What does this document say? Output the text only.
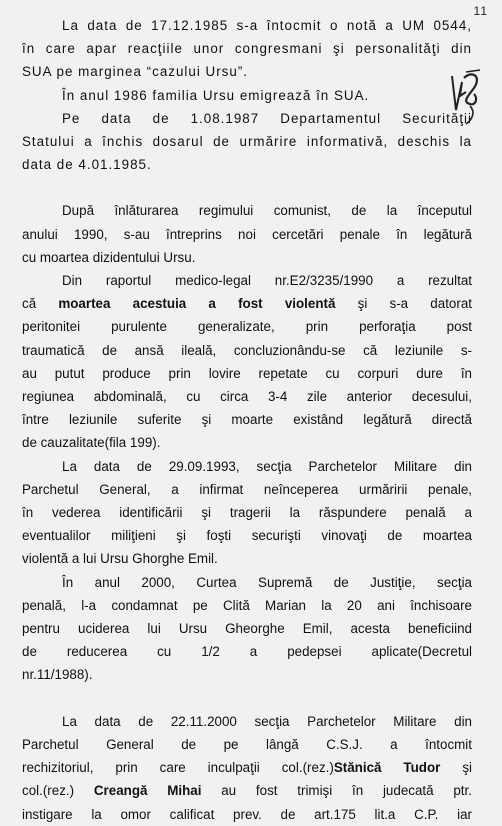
11

La data de 17.12.1985 s-a întocmit o notă a UM 0544,
în care apar reacţiile unor congresmani şi personalităţi din
SUA pe marginea “cazului Ursu”.

În anul 1986 familia Ursu emigrează în SUA.

Pe data de 1.08.1987 Departamentul Securităţii
Statului a închis dosarul de urmărire informativă, deschis la
data de 4.01.1985.

După înlăturarea regimului comunist, de la începutul
anului 1990, s-au întreprins noi cercetări penale în legătură
cu moartea dizidentului Ursu.

Din raportul medico-legal nr.E2/3235/1990 a rezultat
că moartea acestuia a fost violentă şi s-a datorat
peritonitei purulente generalizate, prin perforaţia post
traumatică de ansă ileală, concluzionându-se că leziunile s-
au putut produce prin lovire repetate cu corpuri dure în
regiunea abdominală, cu circa 3-4 zile anterior decesului,
între leziunile suferite şi moarte existând legătură directă
de cauzalitate(fila 199).

La data de 29.09.1993, secţia Parchetelor Militare din
Parchetul General, a infirmat neînceperea urmăririi penale,
în vederea identificării şi tragerii la răspundere penală a
eventualilor miliţieni şi foşti securişti vinovaţi de moartea
violentă a lui Ursu Ghorghe Emil.

În anul 2000, Curtea Supremă de Justiţie, secţia
penală, l-a condamnat pe Clită Marian la 20 ani închisoare
pentru uciderea lui Ursu Gheorghe Emil, acesta beneficiind
de reducerea cu 1/2 a pedepsei aplicate(Decretul
nr.11/1988).

La data de 22.11.2000 secţia Parchetelor Militare din
Parchetul General de pe lângă C.S.J. a întocmit
rechizitoriul, prin care inculpaţii col.(rez.)Stănică Tudor şi
col.(rez.) Creangă Mihai au fost trimişi în judecată ptr.
instigare la omor calificat prev. de art.175 lit.a C.P. iar
